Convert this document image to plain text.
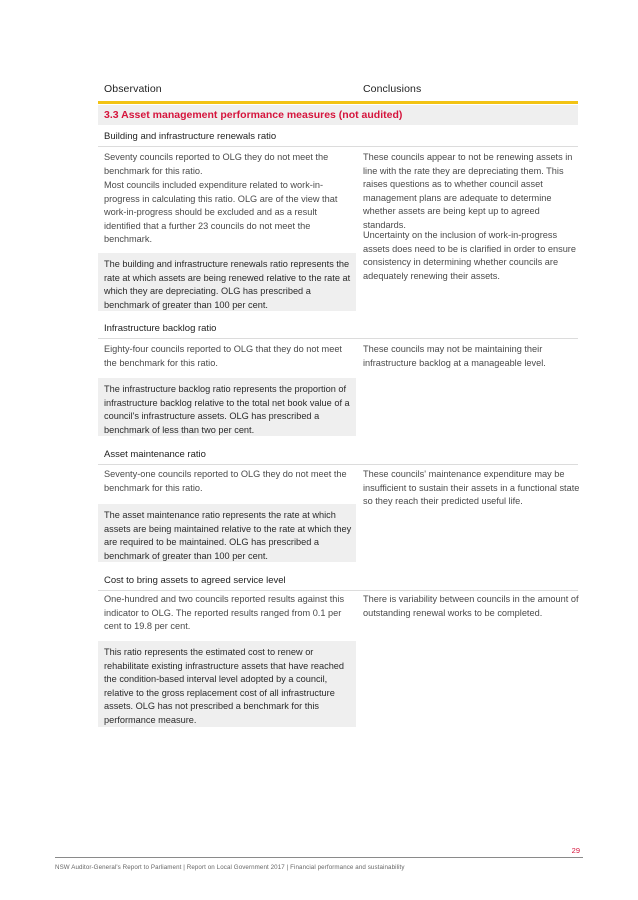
Observation	Conclusions
3.3 Asset management performance measures (not audited)
Building and infrastructure renewals ratio
Seventy councils reported to OLG they do not meet the benchmark for this ratio.
Most councils included expenditure related to work-in-progress in calculating this ratio. OLG are of the view that work-in-progress should be excluded and as a result identified that a further 23 councils do not meet the benchmark.
The building and infrastructure renewals ratio represents the rate at which assets are being renewed relative to the rate at which they are depreciating. OLG has prescribed a benchmark of greater than 100 per cent.
These councils appear to not be renewing assets in line with the rate they are depreciating them. This raises questions as to whether council asset management plans are adequate to determine whether assets are being kept up to agreed standards.
Uncertainty on the inclusion of work-in-progress assets does need to be is clarified in order to ensure consistency in determining whether councils are adequately renewing their assets.
Infrastructure backlog ratio
Eighty-four councils reported to OLG that they do not meet the benchmark for this ratio.
The infrastructure backlog ratio represents the proportion of infrastructure backlog relative to the total net book value of a council's infrastructure assets. OLG has prescribed a benchmark of less than two per cent.
These councils may not be maintaining their infrastructure backlog at a manageable level.
Asset maintenance ratio
Seventy-one councils reported to OLG they do not meet the benchmark for this ratio.
The asset maintenance ratio represents the rate at which assets are being maintained relative to the rate at which they are required to be maintained. OLG has prescribed a benchmark of greater than 100 per cent.
These councils' maintenance expenditure may be insufficient to sustain their assets in a functional state so they reach their predicted useful life.
Cost to bring assets to agreed service level
One-hundred and two councils reported results against this indicator to OLG. The reported results ranged from 0.1 per cent to 19.8 per cent.
This ratio represents the estimated cost to renew or rehabilitate existing infrastructure assets that have reached the condition-based interval level adopted by a council, relative to the gross replacement cost of all infrastructure assets. OLG has not prescribed a benchmark for this performance measure.
There is variability between councils in the amount of outstanding renewal works to be completed.
29
NSW Auditor-General's Report to Parliament | Report on Local Government 2017 | Financial performance and sustainability
